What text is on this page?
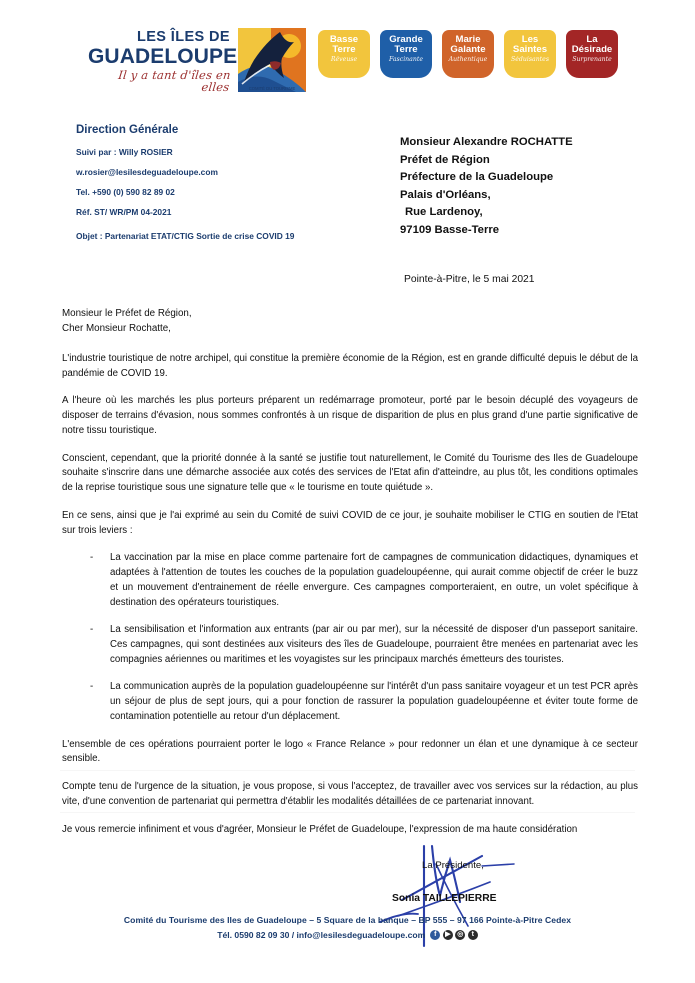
LES ÎLES DE
GUADELOUPE
Il y a tant d'îles en elles	COMITÉ DU TOURISME
Basse
Terre
Rêveuse
Grande
Terre
Fascinante
Marie
Galante
Authentique
Les
Saintes
Séduisantes
La
Désirade
Surprenante
Direction Générale
Suivi par : Willy ROSIER
w.rosier@lesilesdeguadeloupe.com
Tel. +590 (0) 590 82 89 02
Réf. ST/ WR/PM 04-2021
Objet : Partenariat ETAT/CTIG Sortie de crise COVID 19
Monsieur Alexandre ROCHATTE
Préfet de Région
Préfecture de la Guadeloupe
Palais d'Orléans,
Rue Lardenoy,
97109 Basse-Terre
Pointe-à-Pitre, le 5 mai 2021
Monsieur le Préfet de Région,
Cher Monsieur Rochatte,

L'industrie touristique de notre archipel, qui constitue la première économie de la Région, est en grande difficulté depuis le début de la pandémie de COVID 19.

A l'heure où les marchés les plus porteurs préparent un redémarrage promoteur, porté par le besoin décuplé des voyageurs de disposer de terrains d'évasion, nous sommes confrontés à un risque de disparition de plus en plus grand d'une partie significative de notre tissu touristique.

Conscient, cependant, que la priorité donnée à la santé se justifie tout naturellement, le Comité du Tourisme des Iles de Guadeloupe souhaite s'inscrire dans une démarche associée aux cotés des services de l'Etat afin d'atteindre, au plus tôt, les conditions optimales de la reprise touristique sous une signature telle que « le tourisme en toute quiétude ».

En ce sens, ainsi que je l'ai exprimé au sein du Comité de suivi COVID de ce jour, je souhaite mobiliser le CTIG en soutien de l'Etat sur trois leviers :

- La vaccination par la mise en place comme partenaire fort de campagnes de communication didactiques, dynamiques et adaptées à l'attention de toutes les couches de la population guadeloupéenne, qui aurait comme objectif de créer le buzz et un mouvement d'entrainement de réelle envergure. Ces campagnes comporteraient, en outre, un volet spécifique à destination des opérateurs touristiques.
- La sensibilisation et l'information aux entrants (par air ou par mer), sur la nécessité de disposer d'un passeport sanitaire. Ces campagnes, qui sont destinées aux visiteurs des îles de Guadeloupe, pourraient être menées en partenariat avec les compagnies aériennes ou maritimes et les voyagistes sur les principaux marchés émetteurs des touristes.
- La communication auprès de la population guadeloupéenne sur l'intérêt d'un pass sanitaire voyageur et un test PCR après un séjour de plus de sept jours, qui a pour fonction de rassurer la population guadeloupéenne et éviter toute forme de contamination potentielle au retour d'un déplacement.

L'ensemble de ces opérations pourraient porter le logo « France Relance » pour redonner un élan et une dynamique à ce secteur sensible.

Compte tenu de l'urgence de la situation, je vous propose, si vous l'acceptez, de travailler avec vos services sur la rédaction, au plus vite, d'une convention de partenariat qui permettra d'établir les modalités détaillées de ce partenariat innovant.

Je vous remercie infiniment et vous d'agréer, Monsieur le Préfet de Guadeloupe, l'expression de ma haute considération

La Présidente,
Sonia TAILLEPIERRE
Comité du Tourisme des Iles de Guadeloupe – 5 Square de la banque – BP 555 – 97 166 Pointe-à-Pitre Cedex
Tél. 0590 82 09 30 / info@lesilesdeguadeloupe.com	f	▶ ◎	t
